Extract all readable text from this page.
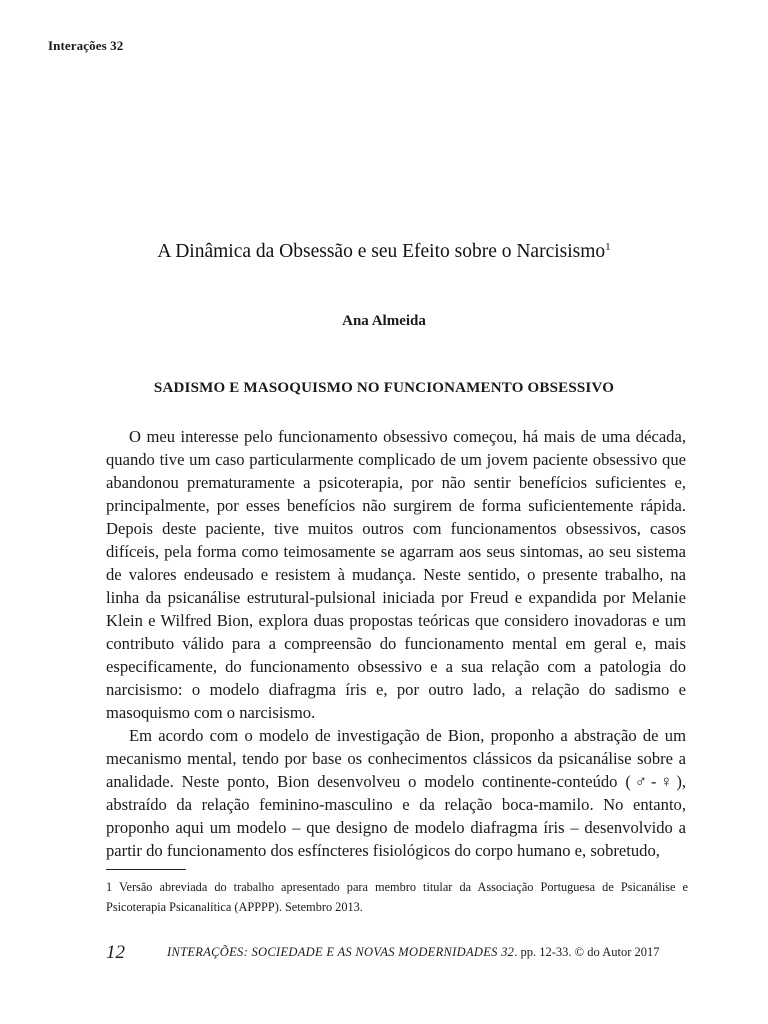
Interações 32
A Dinâmica da Obsessão e seu Efeito sobre o Narcisismo$^1$
Ana Almeida
SADISMO E MASOQUISMO NO FUNCIONAMENTO OBSESSIVO

O meu interesse pelo funcionamento obsessivo começou, há mais de uma década, quando tive um caso particularmente complicado de um jovem paciente obsessivo que abandonou prematuramente a psicoterapia, por não sentir benefícios suficientes e, principalmente, por esses benefícios não surgirem de forma suficientemente rápida. Depois deste paciente, tive muitos outros com funcionamentos obsessivos, casos difíceis, pela forma como teimosamente se agarram aos seus sintomas, ao seu sistema de valores endeusado e resistem à mudança. Neste sentido, o presente trabalho, na linha da psicanálise estrutural-pulsional iniciada por Freud e expandida por Melanie Klein e Wilfred Bion, explora duas propostas teóricas que considero inovadoras e um contributo válido para a compreensão do funcionamento mental em geral e, mais especificamente, do funcionamento obsessivo e a sua relação com a patologia do narcisismo: o modelo diafragma íris e, por outro lado, a relação do sadismo e masoquismo com o narcisismo.

Em acordo com o modelo de investigação de Bion, proponho a abstração de um mecanismo mental, tendo por base os conhecimentos clássicos da psicanálise sobre a analidade. Neste ponto, Bion desenvolveu o modelo continente-conteúdo (♂-♀), abstraído da relação feminino-masculino e da relação boca-mamilo. No entanto, proponho aqui um modelo – que designo de modelo diafragma íris – desenvolvido a partir do funcionamento dos esfíncteres fisiológicos do corpo humano e, sobretudo,

1 Versão abreviada do trabalho apresentado para membro titular da Associação Portuguesa de Psicanálise e Psicoterapia Psicanalítica (APPPP). Setembro 2013.
12	INTERAÇÕES: SOCIEDADE E AS NOVAS MODERNIDADES 32. pp. 12-33. © do Autor 2017
